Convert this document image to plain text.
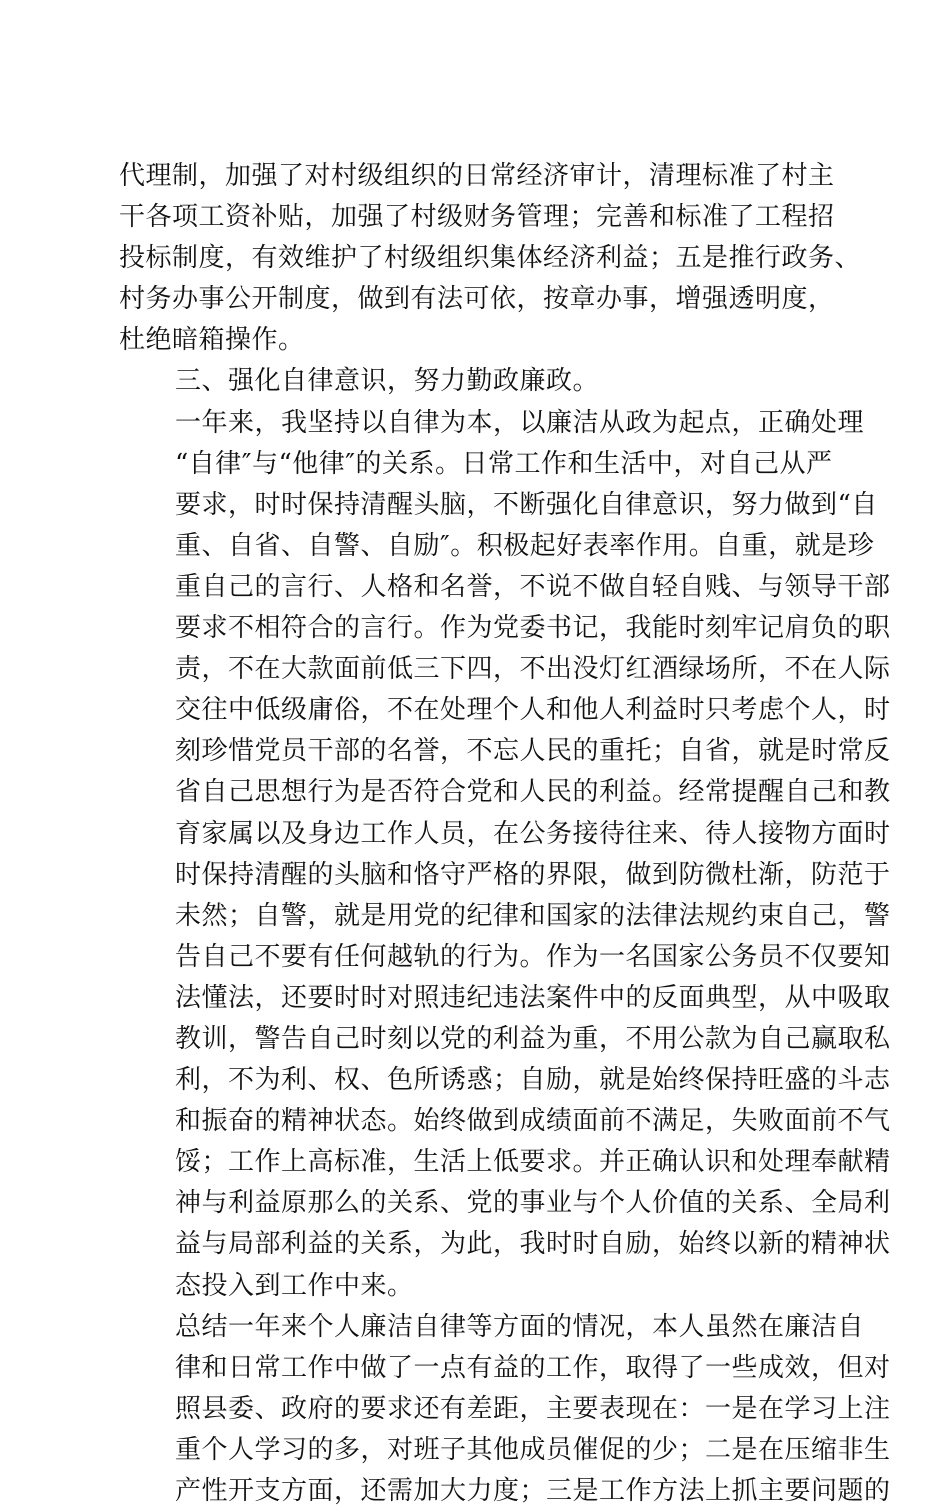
代理制，加强了对村级组织的日常经济审计，清理标准了村主
干各项工资补贴，加强了村级财务管理；完善和标准了工程招
投标制度，有效维护了村级组织集体经济利益；五是推行政务、
村务办事公开制度，做到有法可依，按章办事，增强透明度，
杜绝暗箱操作。
三、强化自律意识，努力勤政廉政。
一年来，我坚持以自律为本，以廉洁从政为起点，正确处理
“自律″与“他律″的关系。日常工作和生活中，对自己从严
要求，时时保持清醒头脑，不断强化自律意识，努力做到“自
重、自省、自警、自励″。积极起好表率作用。自重，就是珍
重自己的言行、人格和名誉，不说不做自轻自贱、与领导干部
要求不相符合的言行。作为党委书记，我能时刻牢记肩负的职
责，不在大款面前低三下四，不出没灯红酒绿场所，不在人际
交往中低级庸俗，不在处理个人和他人利益时只考虑个人，时
刻珍惜党员干部的名誉，不忘人民的重托；自省，就是时常反
省自己思想行为是否符合党和人民的利益。经常提醒自己和教
育家属以及身边工作人员，在公务接待往来、待人接物方面时
时保持清醒的头脑和恪守严格的界限，做到防微杜渐，防范于
未然；自警，就是用党的纪律和国家的法律法规约束自己，警
告自己不要有任何越轨的行为。作为一名国家公务员不仅要知
法懂法，还要时时对照违纪违法案件中的反面典型，从中吸取
教训，警告自己时刻以党的利益为重，不用公款为自己赢取私
利，不为利、权、色所诱惑；自励，就是始终保持旺盛的斗志
和振奋的精神状态。始终做到成绩面前不满足，失败面前不气
馁；工作上高标准，生活上低要求。并正确认识和处理奉献精
神与利益原那么的关系、党的事业与个人价值的关系、全局利
益与局部利益的关系，为此，我时时自励，始终以新的精神状
态投入到工作中来。
总结一年来个人廉洁自律等方面的情况，本人虽然在廉洁自
律和日常工作中做了一点有益的工作，取得了一些成效，但对
照县委、政府的要求还有差距，主要表现在：一是在学习上注
重个人学习的多，对班子其他成员催促的少；二是在压缩非生
产性开支方面，还需加大力度；三是工作方法上抓主要问题的
